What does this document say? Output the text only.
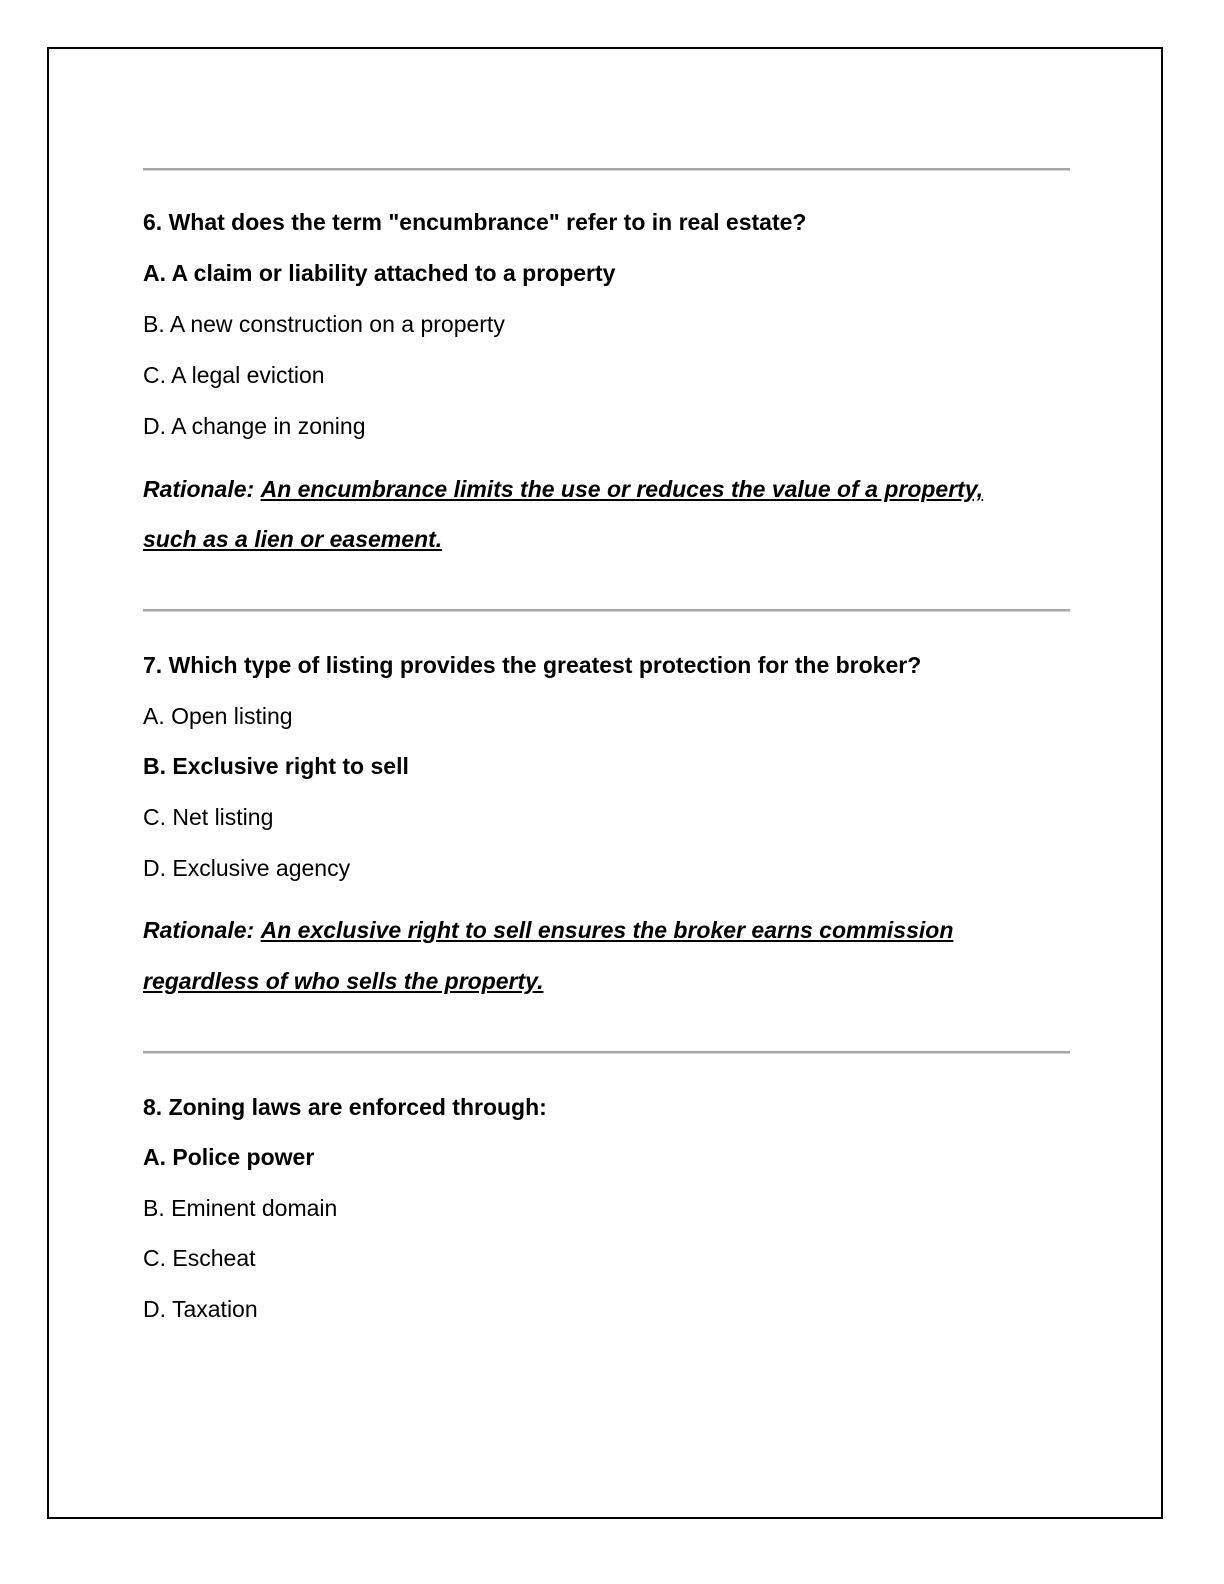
6. What does the term "encumbrance" refer to in real estate?

A. A claim or liability attached to a property

B. A new construction on a property

C. A legal eviction

D. A change in zoning

Rationale: An encumbrance limits the use or reduces the value of a property,

such as a lien or easement.

7. Which type of listing provides the greatest protection for the broker?

A. Open listing

B. Exclusive right to sell

C. Net listing

D. Exclusive agency

Rationale: An exclusive right to sell ensures the broker earns commission

regardless of who sells the property.

8. Zoning laws are enforced through:

A. Police power

B. Eminent domain

C. Escheat

D. Taxation
